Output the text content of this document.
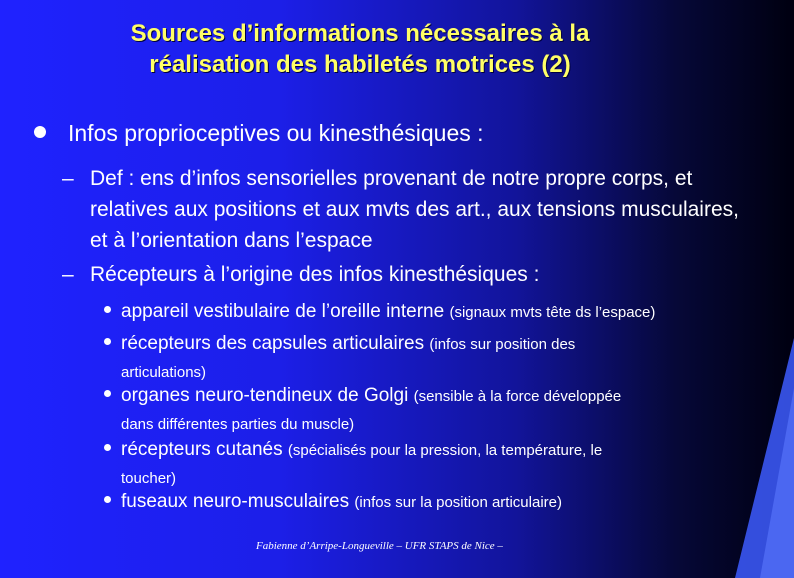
Sources d’informations nécessaires à la
réalisation des habiletés motrices (2)
Infos proprioceptives ou kinesthésiques :
– Def : ens d’infos sensorielles provenant de notre propre corps, et relatives aux positions et aux mvts des art., aux tensions musculaires, et à l’orientation dans l’espace
– Récepteurs à l’origine des infos kinesthésiques :
appareil vestibulaire de l’oreille interne (signaux mvts tête ds l’espace)
récepteurs des capsules articulaires (infos sur position des
articulations)
organes neuro-tendineux de Golgi (sensible à la force développée
dans différentes parties du muscle)
récepteurs cutanés (spécialisés pour la pression, la température, le
toucher)
fuseaux neuro-musculaires (infos sur la position articulaire)
Fabienne d’Arripe-Longueville – UFR STAPS de Nice –
